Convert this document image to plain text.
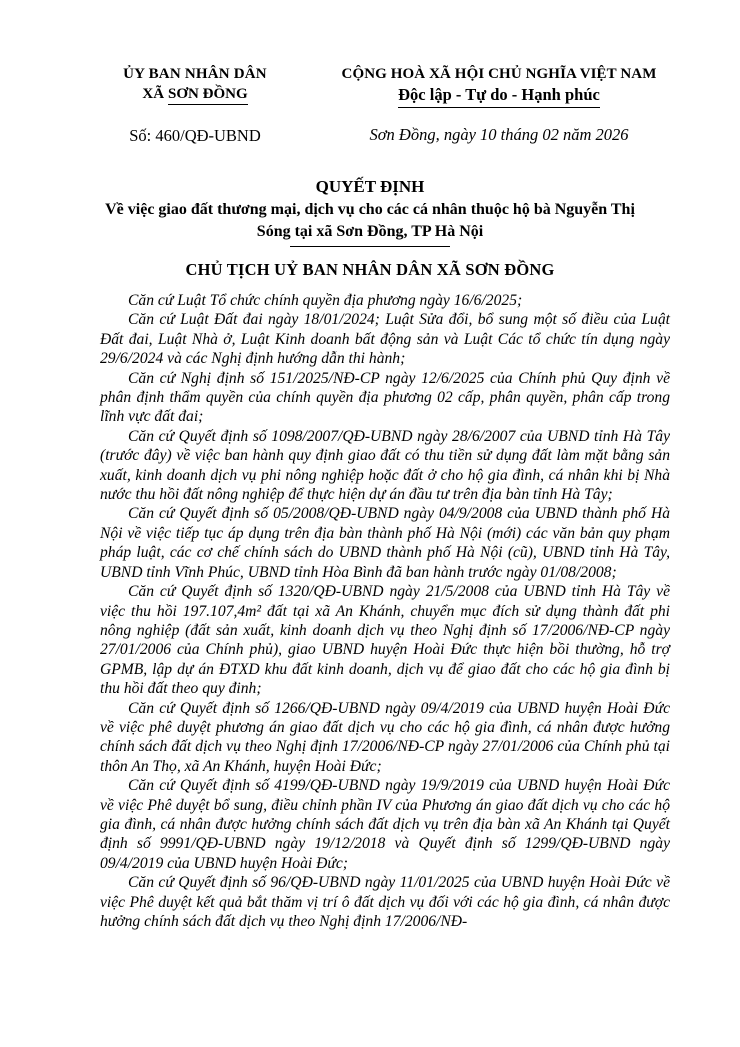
ỦY BAN NHÂN DÂN
XÃ SƠN ĐỒNG
Số: 460/QĐ-UBND
CỘNG HOÀ XÃ HỘI CHỦ NGHĨA VIỆT NAM
Độc lập - Tự do - Hạnh phúc
Sơn Đồng, ngày 10 tháng 02 năm 2026
QUYẾT ĐỊNH
Về việc giao đất thương mại, dịch vụ cho các cá nhân thuộc hộ bà Nguyễn Thị Sóng tại xã Sơn Đồng, TP Hà Nội
CHỦ TỊCH UỶ BAN NHÂN DÂN XÃ SƠN ĐỒNG

Căn cứ Luật Tổ chức chính quyền địa phương ngày 16/6/2025;

Căn cứ Luật Đất đai ngày 18/01/2024; Luật Sửa đổi, bổ sung một số điều của Luật Đất đai, Luật Nhà ở, Luật Kinh doanh bất động sản và Luật Các tổ chức tín dụng ngày 29/6/2024 và các Nghị định hướng dẫn thi hành;

Căn cứ Nghị định số 151/2025/NĐ-CP ngày 12/6/2025 của Chính phủ Quy định về phân định thẩm quyền của chính quyền địa phương 02 cấp, phân quyền, phân cấp trong lĩnh vực đất đai;

Căn cứ Quyết định số 1098/2007/QĐ-UBND ngày 28/6/2007 của UBND tỉnh Hà Tây (trước đây) về việc ban hành quy định giao đất có thu tiền sử dụng đất làm mặt bằng sản xuất, kinh doanh dịch vụ phi nông nghiệp hoặc đất ở cho hộ gia đình, cá nhân khi bị Nhà nước thu hồi đất nông nghiệp để thực hiện dự án đầu tư trên địa bàn tỉnh Hà Tây;

Căn cứ Quyết định số 05/2008/QĐ-UBND ngày 04/9/2008 của UBND thành phố Hà Nội về việc tiếp tục áp dụng trên địa bàn thành phố Hà Nội (mới) các văn bản quy phạm pháp luật, các cơ chế chính sách do UBND thành phố Hà Nội (cũ), UBND tỉnh Hà Tây, UBND tỉnh Vĩnh Phúc, UBND tỉnh Hòa Bình đã ban hành trước ngày 01/08/2008;

Căn cứ Quyết định số 1320/QĐ-UBND ngày 21/5/2008 của UBND tỉnh Hà Tây về việc thu hồi 197.107,4m² đất tại xã An Khánh, chuyển mục đích sử dụng thành đất phi nông nghiệp (đất sản xuất, kinh doanh dịch vụ theo Nghị định số 17/2006/NĐ-CP ngày 27/01/2006 của Chính phủ), giao UBND huyện Hoài Đức thực hiện bồi thường, hỗ trợ GPMB, lập dự án ĐTXD khu đất kinh doanh, dịch vụ để giao đất cho các hộ gia đình bị thu hồi đất theo quy đinh;

Căn cứ Quyết định số 1266/QĐ-UBND ngày 09/4/2019 của UBND huyện Hoài Đức về việc phê duyệt phương án giao đất dịch vụ cho các hộ gia đình, cá nhân được hưởng chính sách đất dịch vụ theo Nghị định 17/2006/NĐ-CP ngày 27/01/2006 của Chính phủ tại thôn An Thọ, xã An Khánh, huyện Hoài Đức;

Căn cứ Quyết định số 4199/QĐ-UBND ngày 19/9/2019 của UBND huyện Hoài Đức về việc Phê duyệt bổ sung, điều chỉnh phần IV của Phương án giao đất dịch vụ cho các hộ gia đình, cá nhân được hưởng chính sách đất dịch vụ trên địa bàn xã An Khánh tại Quyết định số 9991/QĐ-UBND ngày 19/12/2018 và Quyết định số 1299/QĐ-UBND ngày 09/4/2019 của UBND huyện Hoài Đức;

Căn cứ Quyết định số 96/QĐ-UBND ngày 11/01/2025 của UBND huyện Hoài Đức về việc Phê duyệt kết quả bắt thăm vị trí ô đất dịch vụ đối với các hộ gia đình, cá nhân được hưởng chính sách đất dịch vụ theo Nghị định 17/2006/NĐ-
